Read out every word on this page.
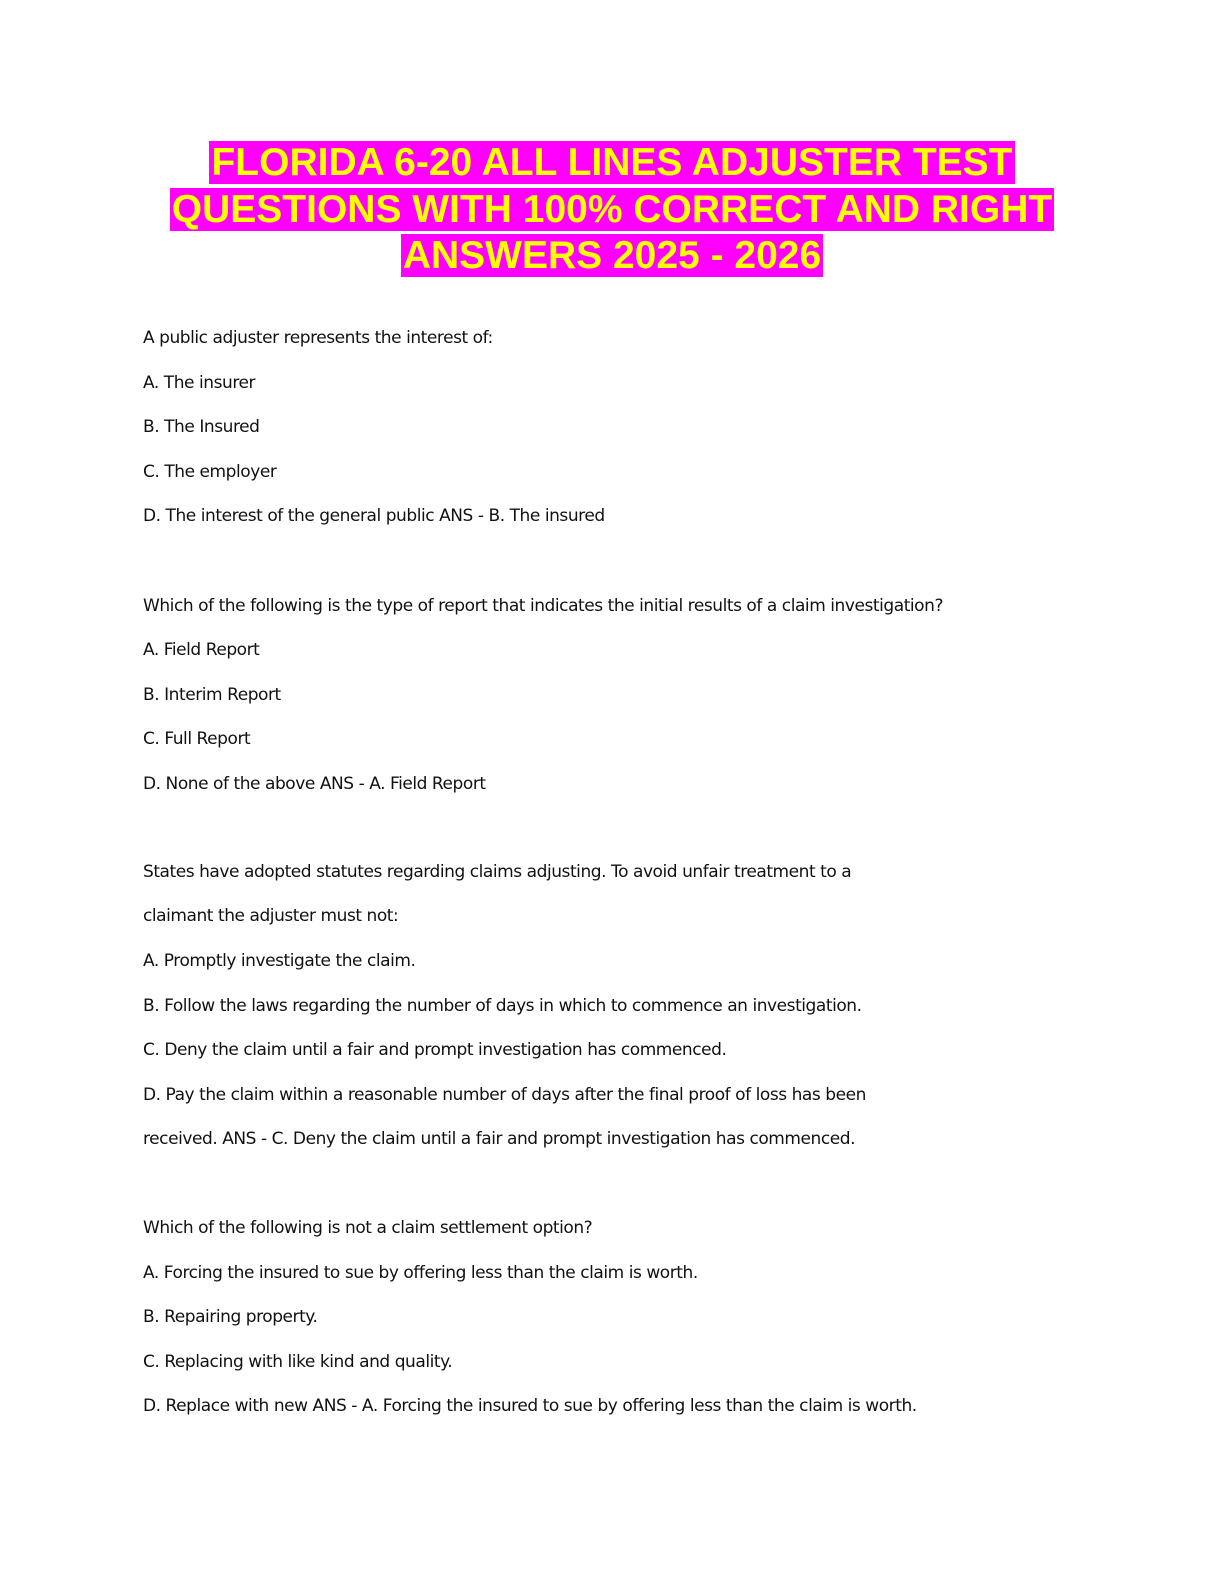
FLORIDA 6-20 ALL LINES ADJUSTER TEST
QUESTIONS WITH 100% CORRECT AND RIGHT
ANSWERS 2025 - 2026
A public adjuster represents the interest of:
A. The insurer
B. The Insured
C. The employer
D. The interest of the general public ANS - B. The insured
Which of the following is the type of report that indicates the initial results of a claim investigation?
A. Field Report
B. Interim Report
C. Full Report
D. None of the above ANS - A. Field Report
States have adopted statutes regarding claims adjusting. To avoid unfair treatment to a
claimant the adjuster must not:
A. Promptly investigate the claim.
B. Follow the laws regarding the number of days in which to commence an investigation.
C. Deny the claim until a fair and prompt investigation has commenced.
D. Pay the claim within a reasonable number of days after the final proof of loss has been
received. ANS - C. Deny the claim until a fair and prompt investigation has commenced.
Which of the following is not a claim settlement option?
A. Forcing the insured to sue by offering less than the claim is worth.
B. Repairing property.
C. Replacing with like kind and quality.
D. Replace with new ANS - A. Forcing the insured to sue by offering less than the claim is worth.
